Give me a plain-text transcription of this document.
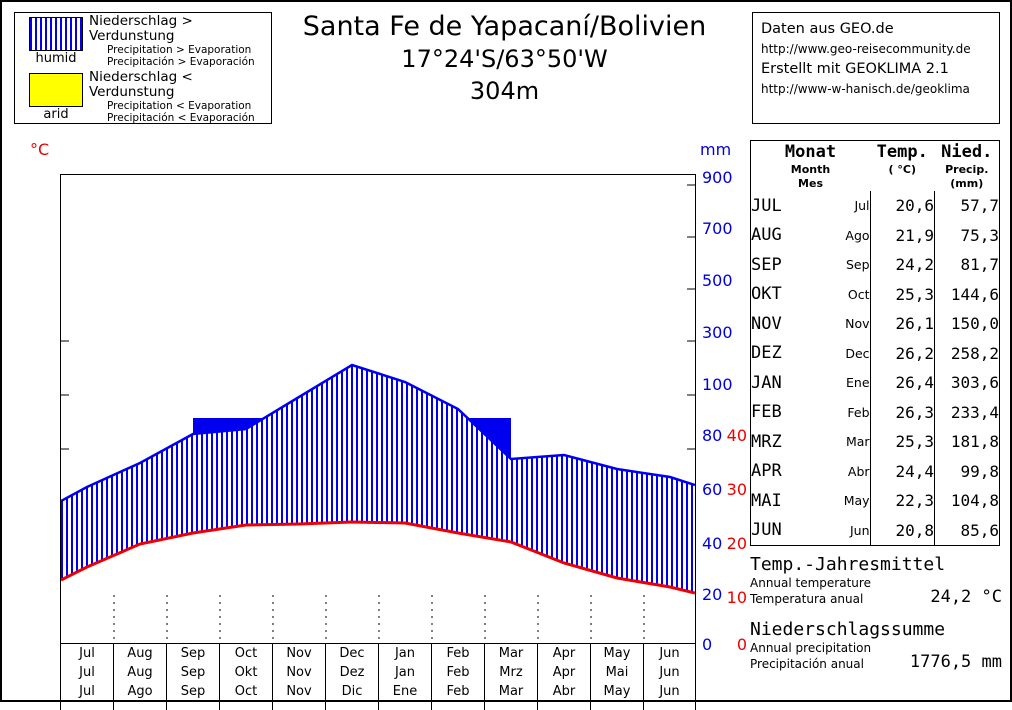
humid
Niederschlag > Verdunstung
Precipitation > Evaporation
Precipitación > Evaporación
arid
Niederschlag < Verdunstung
Precipitation < Evaporation
Precipitación < Evaporación
Santa Fe de Yapacaní/Bolivien
17°24'S/63°50'W
304m
Daten aus GEO.de
http://www.geo-reisecommunity.de
Erstellt mit GEOKLIMA 2.1
http://www-w-hanisch.de/geoklima
°C	mm
40
30
20
10
0
900
700
500
300
100
80
60
40
20
0
Jul
Jul
Jul
Aug
Aug
Ago
Sep
Sep
Sep
Oct
Okt
Oct
Nov
Nov
Nov
Dec
Dez
Dic
Jan
Jan
Ene
Feb
Feb
Feb
Mar
Mrz
Mar
Apr
Apr
Abr
May
Mai
May
Jun
Jun
Jun
Monat
Month
Mes

Temp.
( °C)

Nied.
Precip.
(mm)

JUL	Jul	20,6	57,7
AUG	Ago	21,9	75,3
SEP	Sep	24,2	81,7
OKT	Oct	25,3	144,6
NOV	Nov	26,1	150,0
DEZ	Dec	26,2	258,2
JAN	Ene	26,4	303,6
FEB	Feb	26,3	233,4
MRZ	Mar	25,3	181,8
APR	Abr	24,4	99,8
MAI	May	22,3	104,8
JUN	Jun	20,8	85,6
Temp.-Jahresmittel
Annual temperature
Temperatura anual	24,2 °C
Niederschlagssumme
Annual precipitation
Precipitación anual	1776,5 mm
